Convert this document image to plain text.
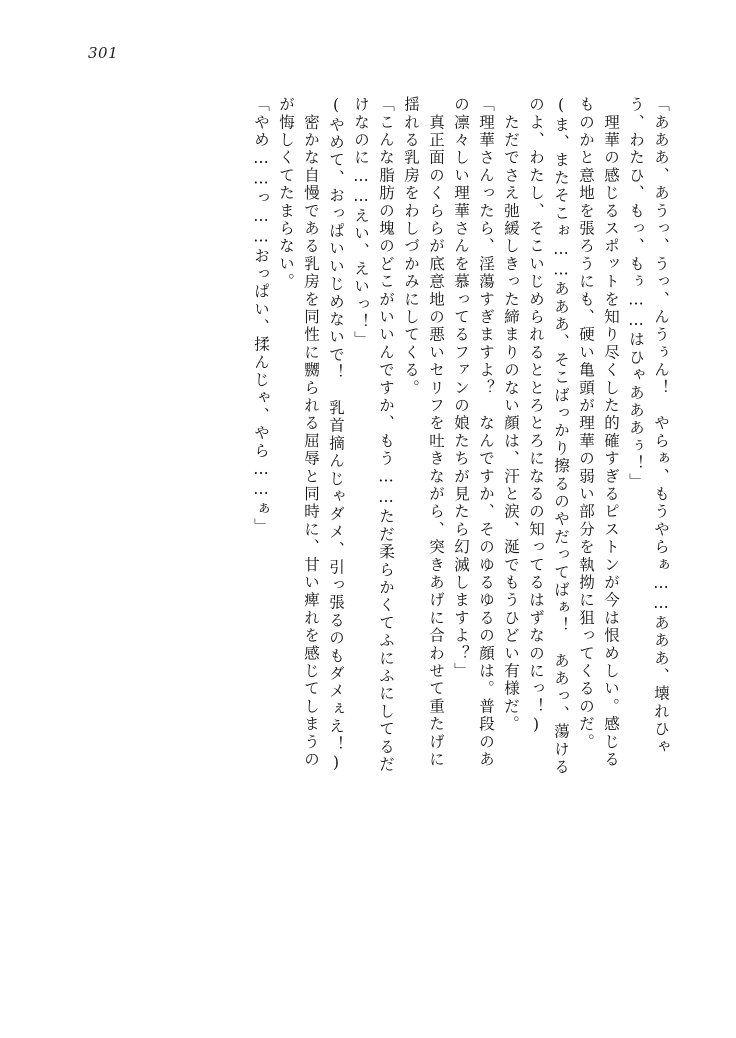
301
「あああ、あうっ、うっ、んうぅん！　やらぁ、もうやらぁ……あああ、壊れひゃ
う、わたひ、もっ、もぅ……はひゃあああぅ！」
　理華の感じるスポットを知り尽くした的確すぎるピストンが今は恨めしい。感じる
ものかと意地を張ろうにも、硬い亀頭が理華の弱い部分を執拗に狙ってくるのだ。
(ま、またそこぉ……あああ、そこばっかり擦るのやだってばぁ！　ああっ、蕩ける
のよ、わたし、そこいじめられるととろとろになるの知ってるはずなのにっ！)
　ただでさえ弛緩しきった締まりのない顔は、汗と涙、涎でもうひどい有様だ。
「理華さんったら、淫蕩すぎますよ？　なんですか、そのゆるゆるの顔は。普段のあ
の凛々しい理華さんを慕ってるファンの娘たちが見たら幻滅しますよ？」
　真正面のくららが底意地の悪いセリフを吐きながら、突きあげに合わせて重たげに
揺れる乳房をわしづかみにしてくる。
「こんな脂肪の塊のどこがいいんですか、もう……ただ柔らかくてふにふにしてるだ
けなのに……えい、えいっ！」
(やめて、おっぱいいじめないで！　乳首摘んじゃダメ、引っ張るのもダメぇえ！)
　密かな自慢である乳房を同性に嬲られる屈辱と同時に、甘い痺れを感じてしまうの
が悔しくてたまらない。
「やめ……っ……おっぱい、揉んじゃ、やら……ぁ」
